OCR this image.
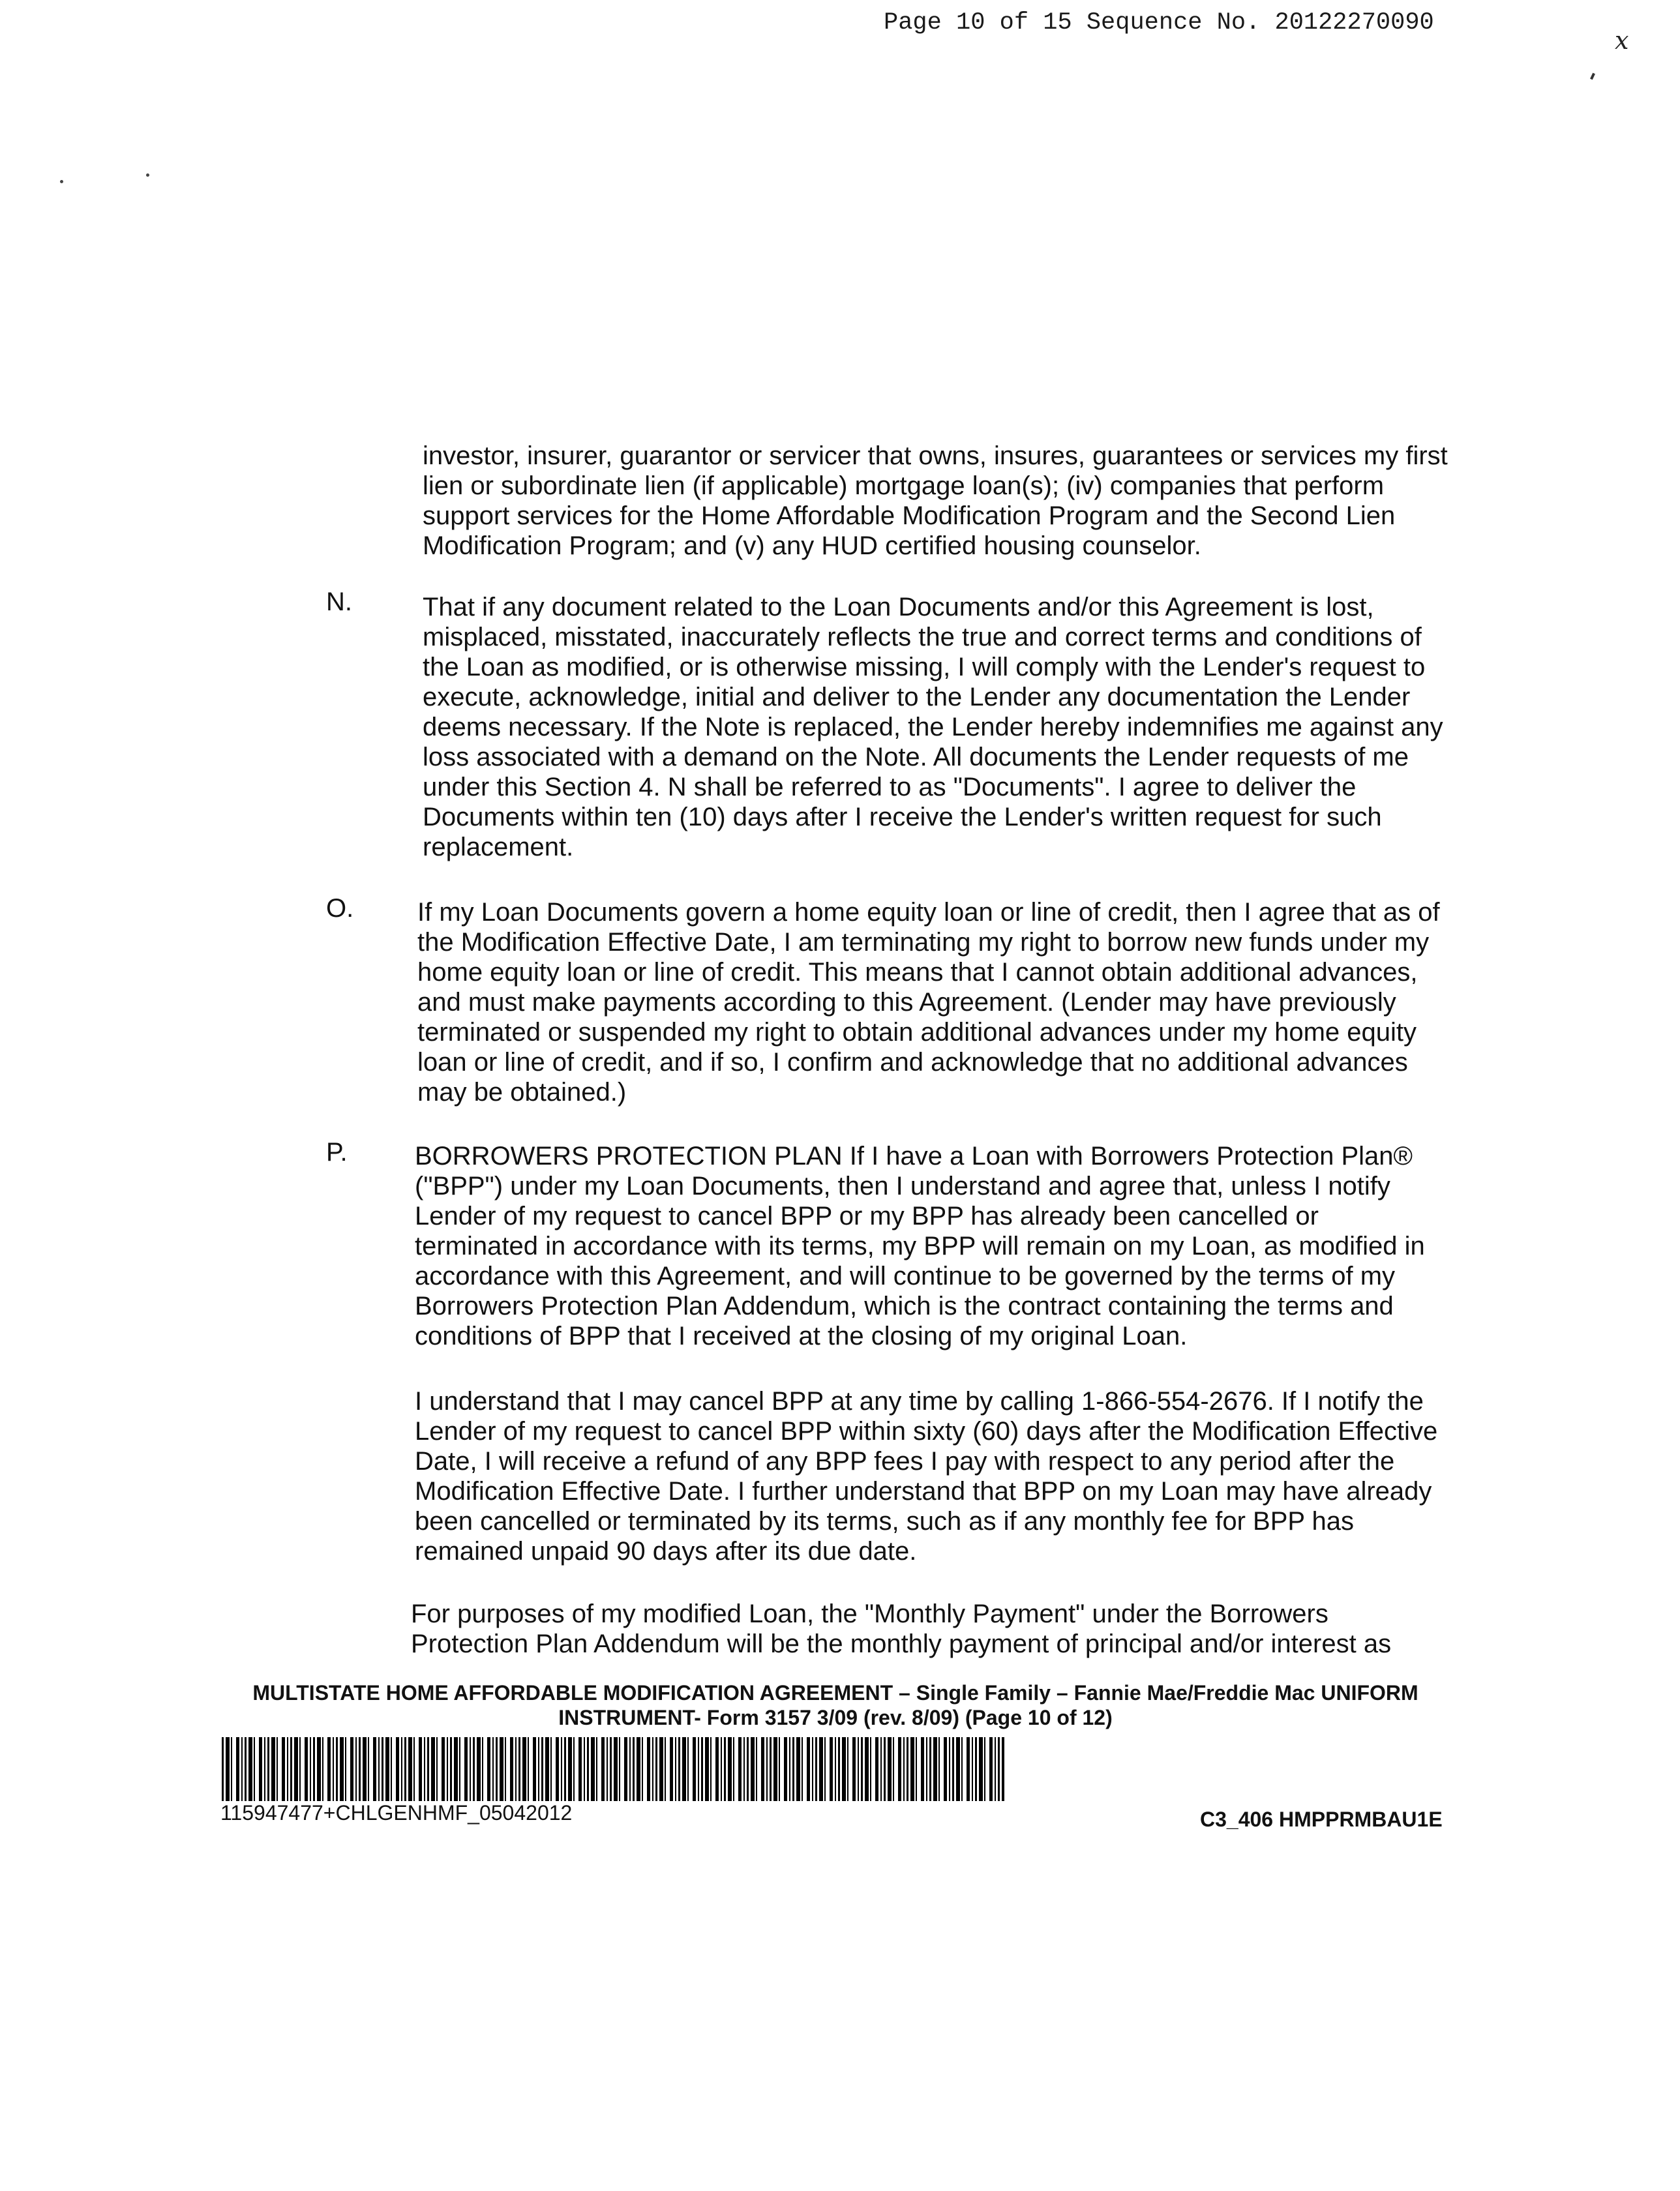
Page 10 of 15 Sequence No. 20122270090
x

investor, insurer, guarantor or servicer that owns, insures, guarantees or services my first lien or subordinate lien (if applicable) mortgage loan(s); (iv) companies that perform support services for the Home Affordable Modification Program and the Second Lien Modification Program; and (v) any HUD certified housing counselor.

N.	That if any document related to the Loan Documents and/or this Agreement is lost, misplaced, misstated, inaccurately reflects the true and correct terms and conditions of the Loan as modified, or is otherwise missing, I will comply with the Lender's request to execute, acknowledge, initial and deliver to the Lender any documentation the Lender deems necessary. If the Note is replaced, the Lender hereby indemnifies me against any loss associated with a demand on the Note. All documents the Lender requests of me under this Section 4. N shall be referred to as "Documents". I agree to deliver the Documents within ten (10) days after I receive the Lender's written request for such replacement.

O. If my Loan Documents govern a home equity loan or line of credit, then I agree that as of the Modification Effective Date, I am terminating my right to borrow new funds under my home equity loan or line of credit. This means that I cannot obtain additional advances, and must make payments according to this Agreement. (Lender may have previously terminated or suspended my right to obtain additional advances under my home equity loan or line of credit, and if so, I confirm and acknowledge that no additional advances may be obtained.)

P.	BORROWERS PROTECTION PLAN If I have a Loan with Borrowers Protection Plan® ("BPP") under my Loan Documents, then I understand and agree that, unless I notify Lender of my request to cancel BPP or my BPP has already been cancelled or terminated in accordance with its terms, my BPP will remain on my Loan, as modified in accordance with this Agreement, and will continue to be governed by the terms of my Borrowers Protection Plan Addendum, which is the contract containing the terms and conditions of BPP that I received at the closing of my original Loan.

I understand that I may cancel BPP at any time by calling 1-866-554-2676. If I notify the Lender of my request to cancel BPP within sixty (60) days after the Modification Effective Date, I will receive a refund of any BPP fees I pay with respect to any period after the Modification Effective Date. I further understand that BPP on my Loan may have already been cancelled or terminated by its terms, such as if any monthly fee for BPP has remained unpaid 90 days after its due date.

For purposes of my modified Loan, the "Monthly Payment" under the Borrowers Protection Plan Addendum will be the monthly payment of principal and/or interest as

MULTISTATE HOME AFFORDABLE MODIFICATION AGREEMENT – Single Family – Fannie Mae/Freddie Mac UNIFORM
INSTRUMENT- Form 3157 3/09 (rev. 8/09) (Page 10 of 12)
115947477+CHLGENHMF_05042012	C3_406 HMPPRMBAU1E
